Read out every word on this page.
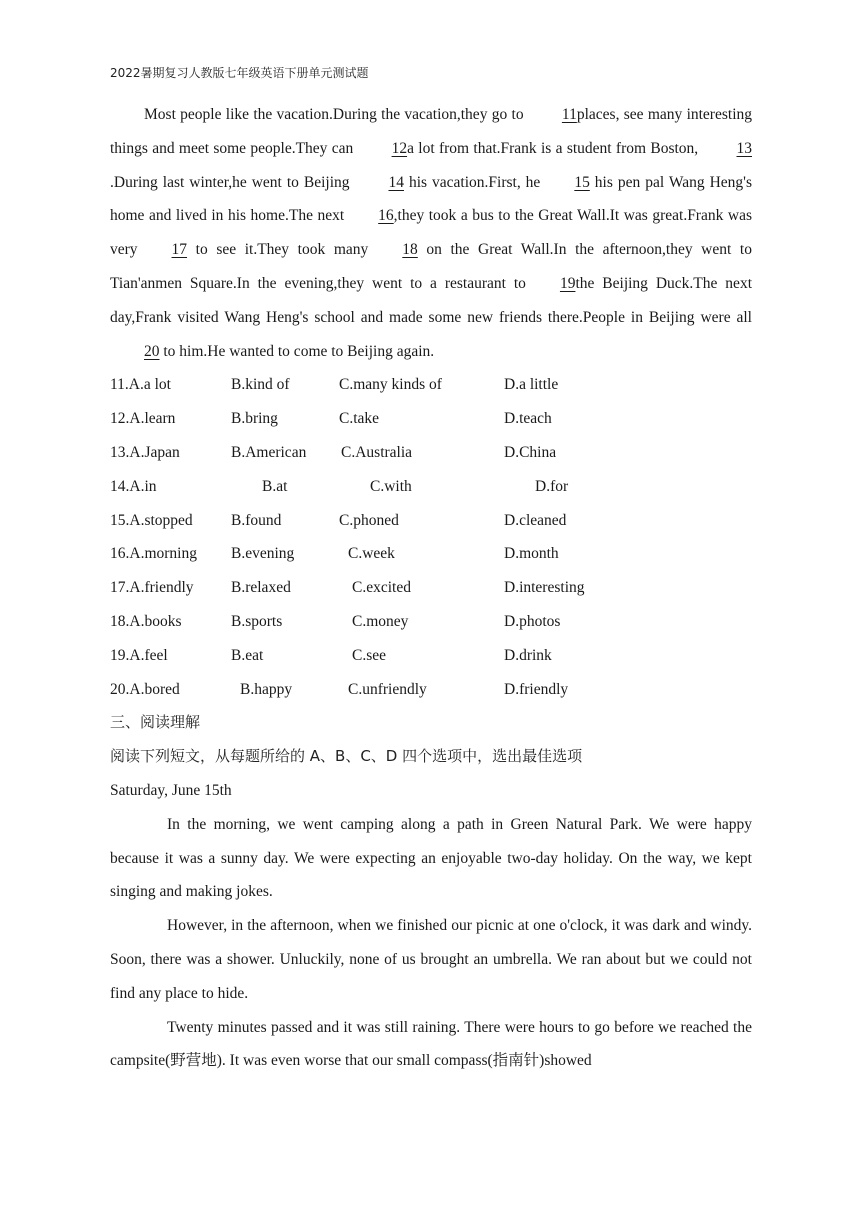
2022暑期复习人教版七年级英语下册单元测试题

Most people like the vacation.During the vacation,they go to 11places, see many interesting things and meet some people.They can 12a lot from that.Frank is a student from Boston, 13.During last winter,he went to Beijing 14 his vacation.First, he 15 his pen pal Wang Heng's home and lived in his home.The next 16,they took a bus to the Great Wall.It was great.Frank was very 17 to see it.They took many 18 on the Great Wall.In the afternoon,they went to Tian'anmen Square.In the evening,they went to a restaurant to 19the Beijing Duck.The next day,Frank visited Wang Heng's school and made some new friends there.People in Beijing were all20 to him.He wanted to come to Beijing again.

11.A.a lot	B.kind of	C.many kinds of	D.a little
12.A.learn	B.bring	C.take	D.teach
13.A.Japan	B.American C.Australia	D.China
14.A.in	B.at	C.with	D.for
15.A.stopped B.found	C.phoned	D.cleaned
16.A.morning B.evening	C.week	D.month
17.A.friendly B.relaxed	C.excited	D.interesting
18.A.books	B.sports	C.money	D.photos
19.A.feel	B.eat	C.see	D.drink
20.A.bored	B.happy	C.unfriendly	D.friendly
三、阅读理解
阅读下列短文，从每题所给的 A、B、C、D 四个选项中，选出最佳选项
Saturday, June 15th

In the morning, we went camping along a path in Green Natural Park. We were happy because it was a sunny day. We were expecting an enjoyable two-day holiday. On the way, we kept singing and making jokes.

However, in the afternoon, when we finished our picnic at one o'clock, it was dark and windy. Soon, there was a shower. Unluckily, none of us brought an umbrella. We ran about but we could not find any place to hide.

Twenty minutes passed and it was still raining. There were hours to go before we reached the campsite(野营地). It was even worse that our small compass(指南针)showed
